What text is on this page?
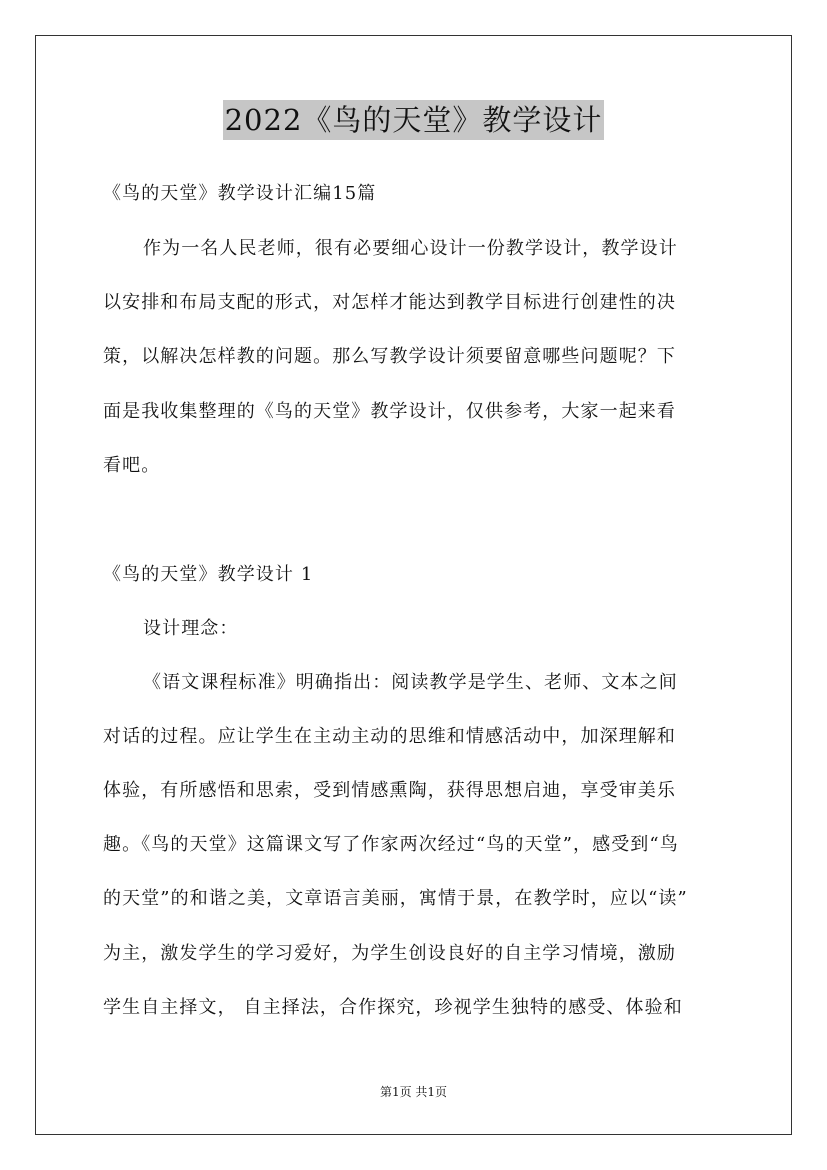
2022《鸟的天堂》教学设计
《鸟的天堂》教学设计汇编15篇
作为一名人民老师，很有必要细心设计一份教学设计，教学设计
以安排和布局支配的形式，对怎样才能达到教学目标进行创建性的决
策，以解决怎样教的问题。那么写教学设计须要留意哪些问题呢？下
面是我收集整理的《鸟的天堂》教学设计，仅供参考，大家一起来看
看吧。
《鸟的天堂》教学设计 1
设计理念：
《语文课程标准》明确指出：阅读教学是学生、老师、文本之间
对话的过程。应让学生在主动主动的思维和情感活动中，加深理解和
体验，有所感悟和思索，受到情感熏陶，获得思想启迪，享受审美乐
趣。《鸟的天堂》这篇课文写了作家两次经过“鸟的天堂”，感受到“鸟
的天堂”的和谐之美，文章语言美丽，寓情于景，在教学时，应以“读”
为主，激发学生的学习爱好，为学生创设良好的自主学习情境，激励
学生自主择文， 自主择法，合作探究，珍视学生独特的感受、体验和
第1页 共1页
